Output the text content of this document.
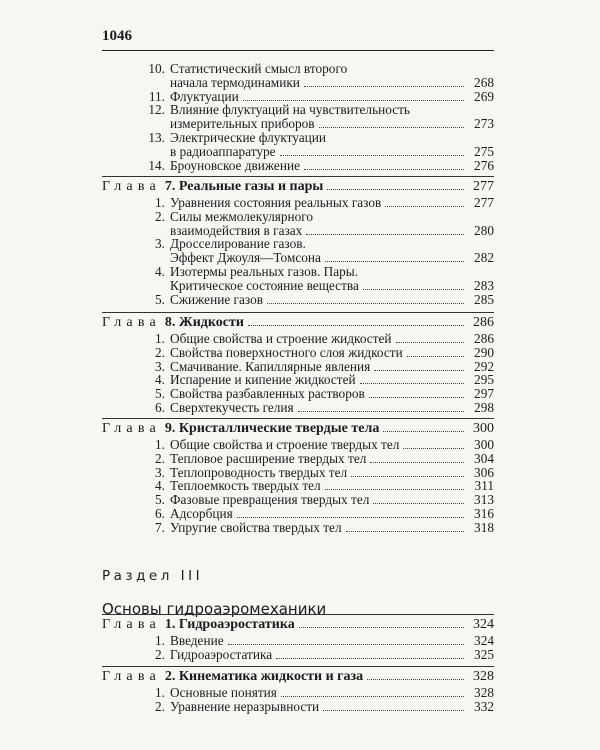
1046
10. Статистический смысл второго
начала термодинамики	268
11. Флуктуации	269
12. Влияние флуктуаций на чувствительность
измерительных приборов	273
13. Электрические флуктуации
в радиоаппаратуре	275
14. Броуновское движение	276
Глава 7. Реальные газы и пары	277
1. Уравнения состояния реальных газов	277
2. Силы межмолекулярного
взаимодействия в газах	280
3. Дросселирование газов.
Эффект Джоуля—Томсона	282
4. Изотермы реальных газов. Пары.
Критическое состояние вещества	283
5. Сжижение газов	285
Глава 8. Жидкости	286
1. Общие свойства и строение жидкостей	286
2. Свойства поверхностного слоя жидкости	290
3. Смачивание. Капиллярные явления	292
4. Испарение и кипение жидкостей	295
5. Свойства разбавленных растворов	297
6. Сверхтекучесть гелия	298
Глава 9. Кристаллические твердые тела	300
1. Общие свойства и строение твердых тел	300
2. Тепловое расширение твердых тел	304
3. Теплопроводность твердых тел	306
4. Теплоемкость твердых тел	311
5. Фазовые превращения твердых тел	313
6. Адсорбция	316
7. Упругие свойства твердых тел	318
Раздел III
Основы гидроаэромеханики
Глава 1. Гидроаэростатика	324
1. Введение	324
2. Гидроаэростатика	325
Глава 2. Кинематика жидкости и газа	328
1. Основные понятия	328
2. Уравнение неразрывности	332
